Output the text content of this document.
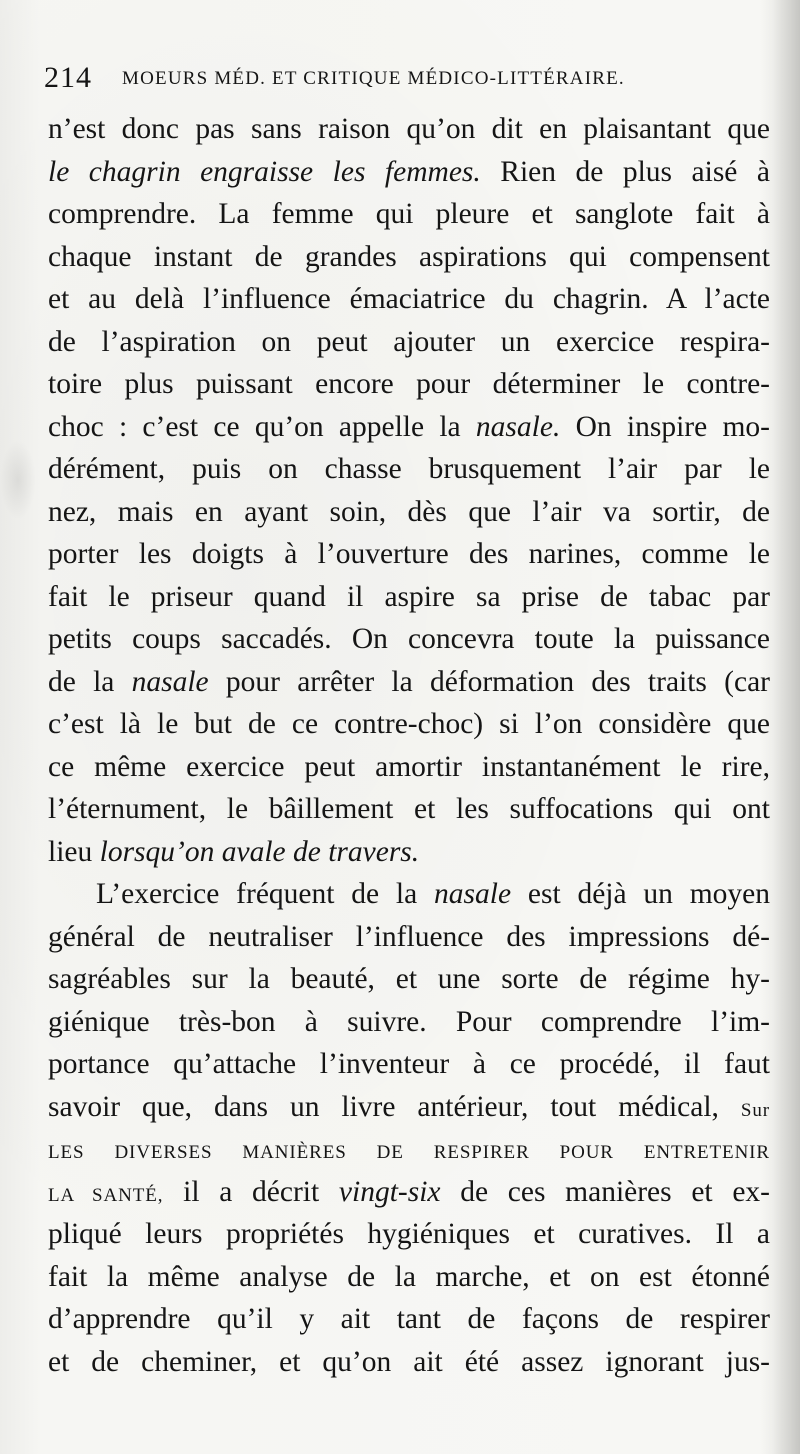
214 MOEURS MÉD. ET CRITIQUE MÉDICO-LITTÉRAIRE.
n’est donc pas sans raison qu’on dit en plaisantant que
le chagrin engraisse les femmes. Rien de plus aisé à
comprendre. La femme qui pleure et sanglote fait à
chaque instant de grandes aspirations qui compensent
et au delà l’influence émaciatrice du chagrin. A l’acte
de l’aspiration on peut ajouter un exercice respira-
toire plus puissant encore pour déterminer le contre-
choc : c’est ce qu’on appelle la nasale. On inspire mo-
dérément, puis on chasse brusquement l’air par le
nez, mais en ayant soin, dès que l’air va sortir, de
porter les doigts à l’ouverture des narines, comme le
fait le priseur quand il aspire sa prise de tabac par
petits coups saccadés. On concevra toute la puissance
de la nasale pour arrêter la déformation des traits (car
c’est là le but de ce contre-choc) si l’on considère que
ce même exercice peut amortir instantanément le rire,
l’éternument, le bâillement et les suffocations qui ont
lieu lorsqu’on avale de travers.
L’exercice fréquent de la nasale est déjà un moyen
général de neutraliser l’influence des impressions dé-
sagréables sur la beauté, et une sorte de régime hy-
giénique très-bon à suivre. Pour comprendre l’im-
portance qu’attache l’inventeur à ce procédé, il faut
savoir que, dans un livre antérieur, tout médical, Sur
LES DIVERSES MANIÈRES DE RESPIRER POUR ENTRETENIR
LA SANTÉ, il a décrit vingt-six de ces manières et ex-
pliqué leurs propriétés hygiéniques et curatives. Il a
fait la même analyse de la marche, et on est étonné
d’apprendre qu’il y ait tant de façons de respirer
et de cheminer, et qu’on ait été assez ignorant jus-
